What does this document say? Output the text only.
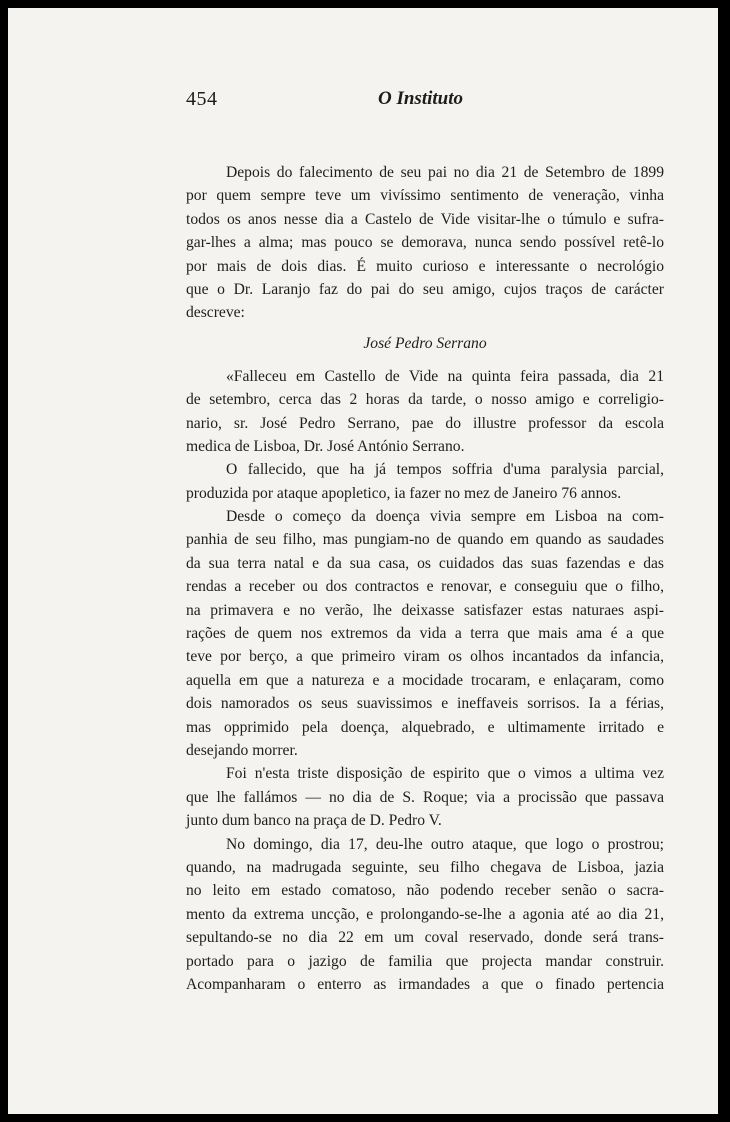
454	O Instituto
Depois do falecimento de seu pai no dia 21 de Setembro de 1899
por quem sempre teve um vivíssimo sentimento de veneração, vinha
todos os anos nesse dia a Castelo de Vide visitar-lhe o túmulo e sufra-
gar-lhes a alma; mas pouco se demorava, nunca sendo possível retê-lo
por mais de dois dias. É muito curioso e interessante o necrológio
que o Dr. Laranjo faz do pai do seu amigo, cujos traços de carácter
descreve:
José Pedro Serrano
«Falleceu em Castello de Vide na quinta feira passada, dia 21
de setembro, cerca das 2 horas da tarde, o nosso amigo e correligio-
nario, sr. José Pedro Serrano, pae do illustre professor da escola
medica de Lisboa, Dr. José António Serrano.
O fallecido, que ha já tempos soffria d'uma paralysia parcial,
produzida por ataque apopletico, ia fazer no mez de Janeiro 76 annos.
Desde o começo da doença vivia sempre em Lisboa na com-
panhia de seu filho, mas pungiam-no de quando em quando as saudades
da sua terra natal e da sua casa, os cuidados das suas fazendas e das
rendas a receber ou dos contractos e renovar, e conseguiu que o filho,
na primavera e no verão, lhe deixasse satisfazer estas naturaes aspi-
rações de quem nos extremos da vida a terra que mais ama é a que
teve por berço, a que primeiro viram os olhos incantados da infancia,
aquella em que a natureza e a mocidade trocaram, e enlaçaram, como
dois namorados os seus suavissimos e ineffaveis sorrisos. Ia a férias,
mas opprimido pela doença, alquebrado, e ultimamente irritado e
desejando morrer.
Foi n'esta triste disposição de espirito que o vimos a ultima vez
que lhe fallámos — no dia de S. Roque; via a procissão que passava
junto dum banco na praça de D. Pedro V.
No domingo, dia 17, deu-lhe outro ataque, que logo o prostrou;
quando, na madrugada seguinte, seu filho chegava de Lisboa, jazia
no leito em estado comatoso, não podendo receber senão o sacra-
mento da extrema uncção, e prolongando-se-lhe a agonia até ao dia 21,
sepultando-se no dia 22 em um coval reservado, donde será trans-
portado para o jazigo de familia que projecta mandar construir.
Acompanharam o enterro as irmandades a que o finado pertencia
